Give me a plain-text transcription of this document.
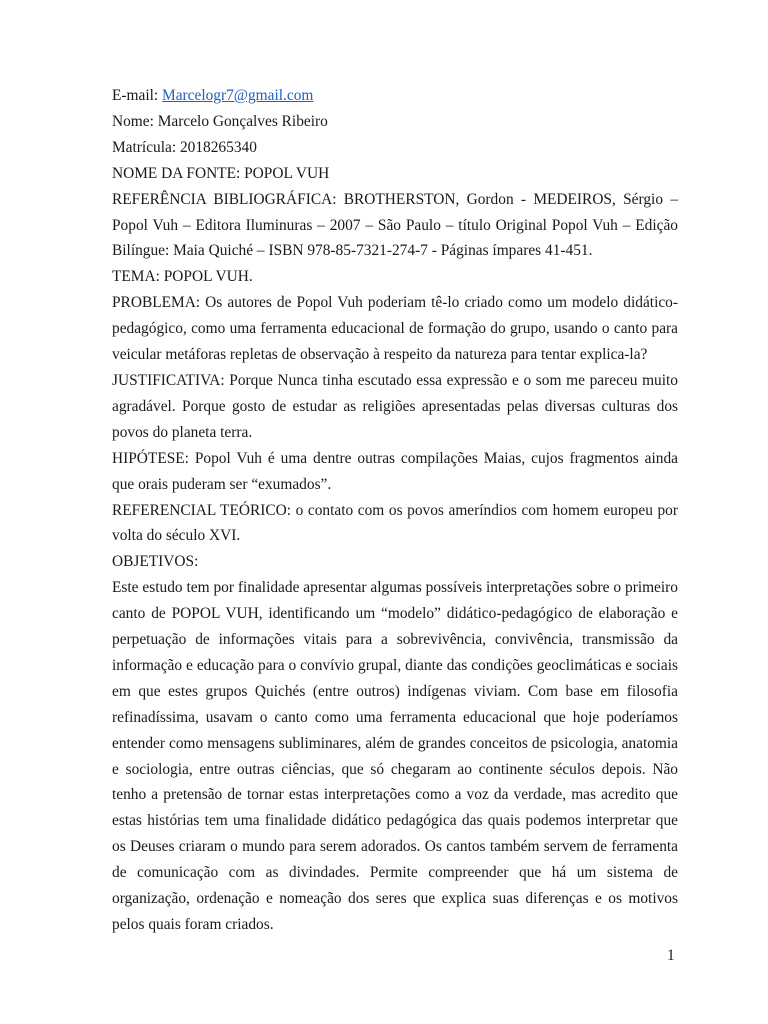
E-mail: Marcelogr7@gmail.com

Nome: Marcelo Gonçalves Ribeiro

Matrícula: 2018265340

NOME DA FONTE: POPOL VUH

REFERÊNCIA BIBLIOGRÁFICA: BROTHERSTON, Gordon - MEDEIROS, Sérgio – Popol Vuh – Editora Iluminuras – 2007 – São Paulo – título Original Popol Vuh – Edição Bilíngue: Maia Quiché – ISBN 978-85-7321-274-7 - Páginas ímpares 41-451.

TEMA: POPOL VUH.

PROBLEMA: Os autores de Popol Vuh poderiam tê-lo criado como um modelo didático-pedagógico, como uma ferramenta educacional de formação do grupo, usando o canto para veicular metáforas repletas de observação à respeito da natureza para tentar explica-la?

JUSTIFICATIVA: Porque Nunca tinha escutado essa expressão e o som me pareceu muito agradável. Porque gosto de estudar as religiões apresentadas pelas diversas culturas dos povos do planeta terra.

HIPÓTESE: Popol Vuh é uma dentre outras compilações Maias, cujos fragmentos ainda que orais puderam ser “exumados”.

REFERENCIAL TEÓRICO: o contato com os povos ameríndios com homem europeu por volta do século XVI.

OBJETIVOS:

Este estudo tem por finalidade apresentar algumas possíveis interpretações sobre o primeiro canto de POPOL VUH, identificando um “modelo” didático-pedagógico de elaboração e perpetuação de informações vitais para a sobrevivência, convivência, transmissão da informação e educação para o convívio grupal, diante das condições geoclimáticas e sociais em que estes grupos Quichés (entre outros) indígenas viviam. Com base em filosofia refinadíssima, usavam o canto como uma ferramenta educacional que hoje poderíamos entender como mensagens subliminares, além de grandes conceitos de psicologia, anatomia e sociologia, entre outras ciências, que só chegaram ao continente séculos depois. Não tenho a pretensão de tornar estas interpretações como a voz da verdade, mas acredito que estas histórias tem uma finalidade didático pedagógica das quais podemos interpretar que os Deuses criaram o mundo para serem adorados. Os cantos também servem de ferramenta de comunicação com as divindades. Permite compreender que há um sistema de organização, ordenação e nomeação dos seres que explica suas diferenças e os motivos pelos quais foram criados.

1
